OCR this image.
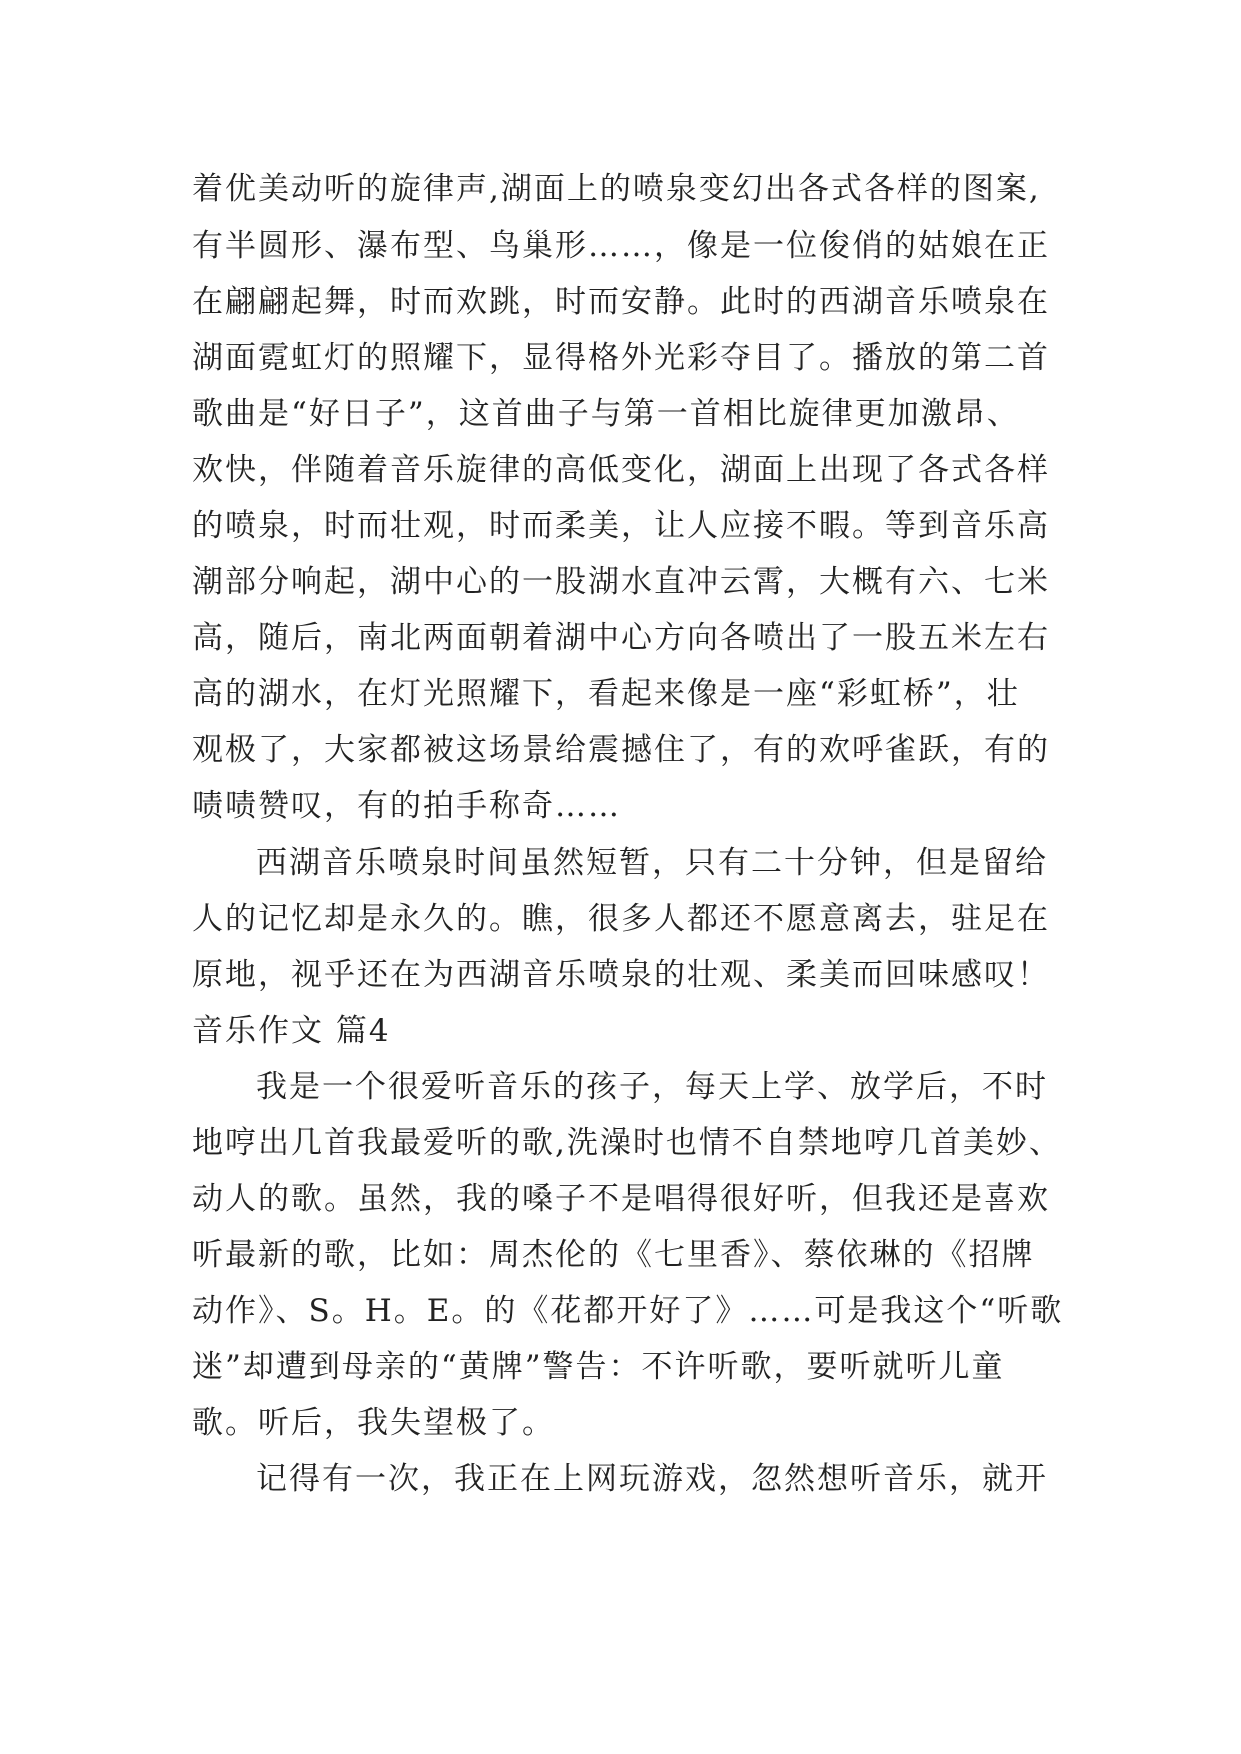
着优美动听的旋律声,湖面上的喷泉变幻出各式各样的图案,
有半圆形、瀑布型、鸟巢形……，像是一位俊俏的姑娘在正
在翩翩起舞，时而欢跳，时而安静。此时的西湖音乐喷泉在
湖面霓虹灯的照耀下，显得格外光彩夺目了。播放的第二首
歌曲是“好日子”，这首曲子与第一首相比旋律更加激昂、
欢快，伴随着音乐旋律的高低变化，湖面上出现了各式各样
的喷泉，时而壮观，时而柔美，让人应接不暇。等到音乐高
潮部分响起，湖中心的一股湖水直冲云霄，大概有六、七米
高，随后，南北两面朝着湖中心方向各喷出了一股五米左右
高的湖水，在灯光照耀下，看起来像是一座“彩虹桥”，壮
观极了，大家都被这场景给震撼住了，有的欢呼雀跃，有的
啧啧赞叹，有的拍手称奇……
西湖音乐喷泉时间虽然短暂，只有二十分钟，但是留给
人的记忆却是永久的。瞧，很多人都还不愿意离去，驻足在
原地，视乎还在为西湖音乐喷泉的壮观、柔美而回味感叹！
音乐作文 篇4
我是一个很爱听音乐的孩子，每天上学、放学后，不时
地哼出几首我最爱听的歌,洗澡时也情不自禁地哼几首美妙、
动人的歌。虽然，我的嗓子不是唱得很好听，但我还是喜欢
听最新的歌，比如：周杰伦的《七里香》、蔡依琳的《招牌
动作》、S。H。E。的《花都开好了》……可是我这个“听歌
迷”却遭到母亲的“黄牌”警告：不许听歌，要听就听儿童
歌。听后，我失望极了。
记得有一次，我正在上网玩游戏，忽然想听音乐，就开
